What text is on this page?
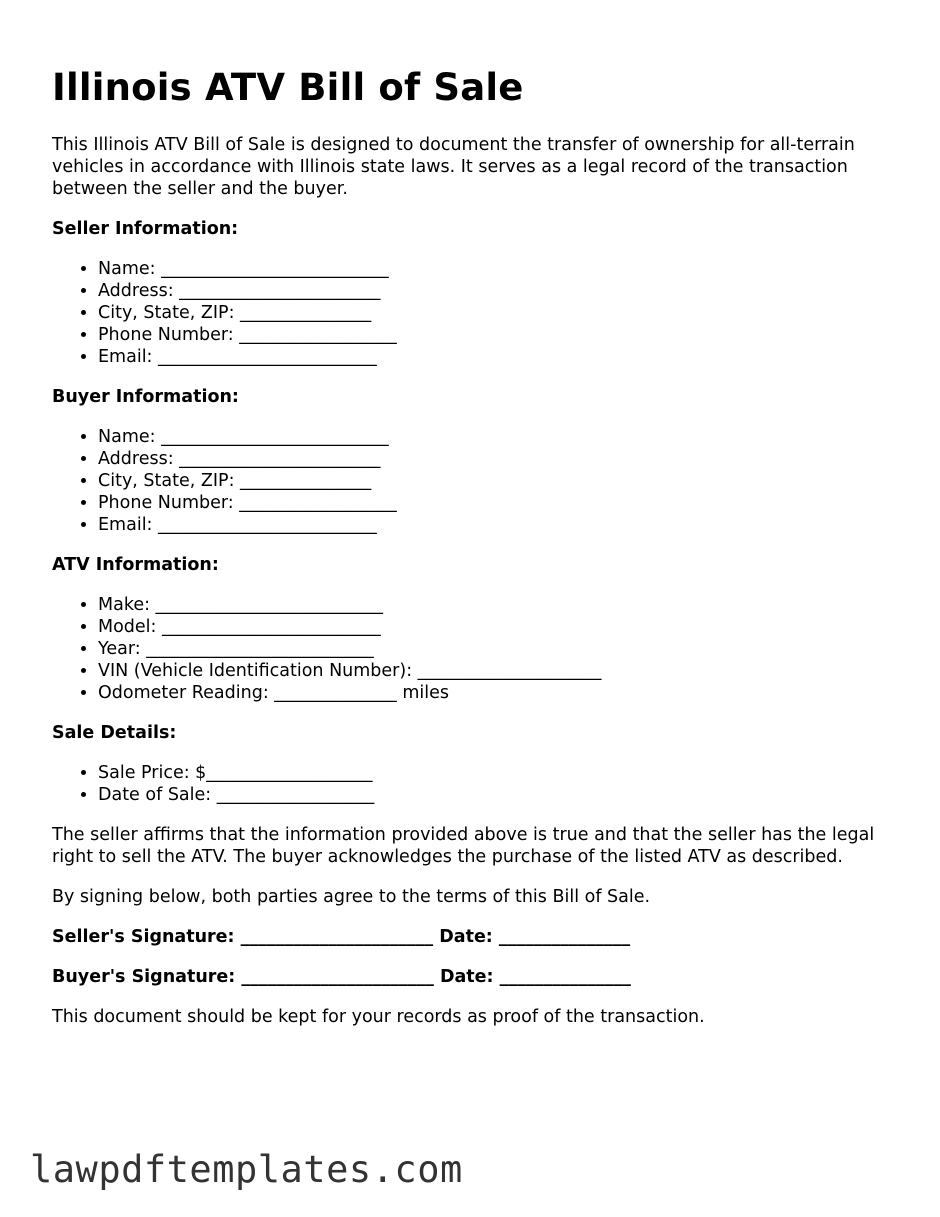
Illinois ATV Bill of Sale

This Illinois ATV Bill of Sale is designed to document the transfer of ownership for all-terrain vehicles in accordance with Illinois state laws. It serves as a legal record of the transaction between the seller and the buyer.

Seller Information:
• Name: __________________________
• Address: _______________________
• City, State, ZIP: _______________
• Phone Number: __________________
• Email: _________________________
Buyer Information:
• Name: __________________________
• Address: _______________________
• City, State, ZIP: _______________
• Phone Number: __________________
• Email: _________________________
ATV Information:
• Make: __________________________
• Model: _________________________
• Year: __________________________
• VIN (Vehicle Identification Number): _____________________
• Odometer Reading: ______________ miles
Sale Details:
• Sale Price: $___________________
• Date of Sale: __________________

The seller affirms that the information provided above is true and that the seller has the legal right to sell the ATV. The buyer acknowledges the purchase of the listed ATV as described.

By signing below, both parties agree to the terms of this Bill of Sale.

Seller's Signature: ______________________ Date: _______________
Buyer's Signature: ______________________ Date: _______________

This document should be kept for your records as proof of the transaction.

lawpdftemplates.com
